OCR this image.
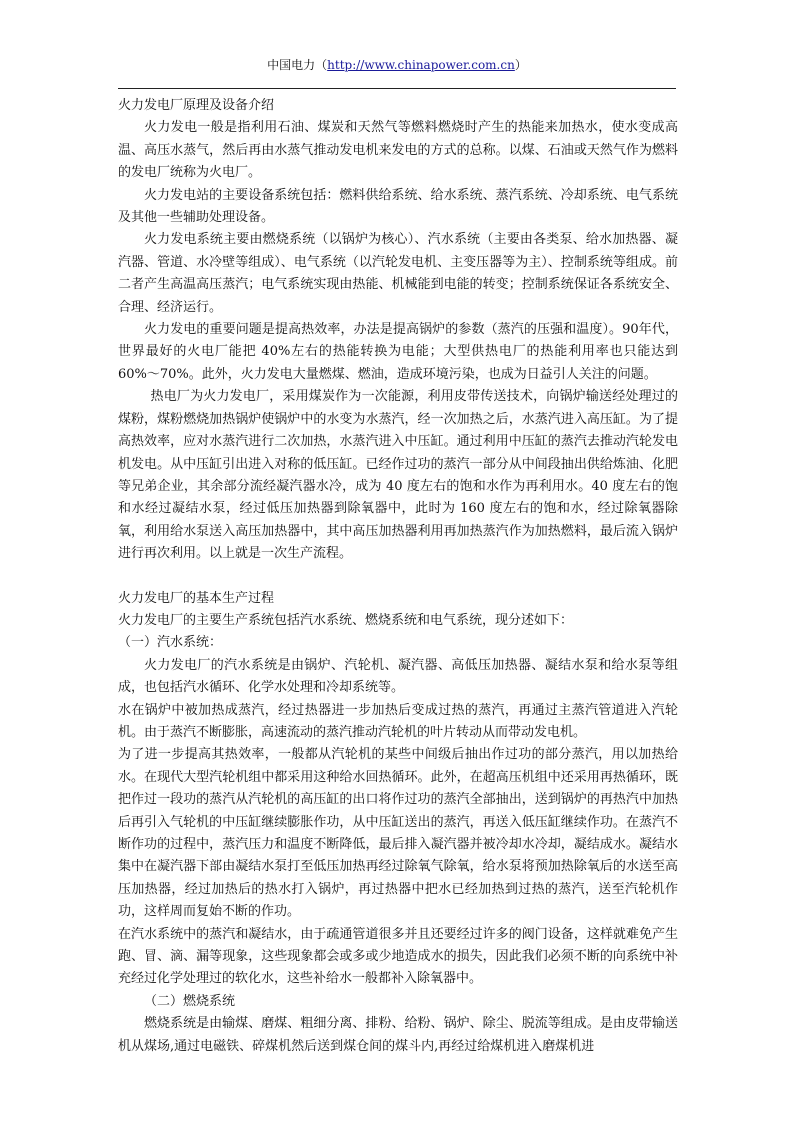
中国电力（http://www.chinapower.com.cn）

火力发电厂原理及设备介绍

火力发电一般是指利用石油、煤炭和天然气等燃料燃烧时产生的热能来加热水，使水变成高温、高压水蒸气，然后再由水蒸气推动发电机来发电的方式的总称。以煤、石油或天然气作为燃料的发电厂统称为火电厂。

火力发电站的主要设备系统包括：燃料供给系统、给水系统、蒸汽系统、冷却系统、电气系统及其他一些辅助处理设备。

火力发电系统主要由燃烧系统（以锅炉为核心）、汽水系统（主要由各类泵、给水加热器、凝汽器、管道、水冷壁等组成）、电气系统（以汽轮发电机、主变压器等为主）、控制系统等组成。前二者产生高温高压蒸汽；电气系统实现由热能、机械能到电能的转变；控制系统保证各系统安全、合理、经济运行。

火力发电的重要问题是提高热效率，办法是提高锅炉的参数（蒸汽的压强和温度）。90年代，世界最好的火电厂能把 40%左右的热能转换为电能；大型供热电厂的热能利用率也只能达到 60%～70%。此外，火力发电大量燃煤、燃油，造成环境污染，也成为日益引人关注的问题。

热电厂为火力发电厂，采用煤炭作为一次能源，利用皮带传送技术，向锅炉输送经处理过的煤粉，煤粉燃烧加热锅炉使锅炉中的水变为水蒸汽，经一次加热之后，水蒸汽进入高压缸。为了提高热效率，应对水蒸汽进行二次加热，水蒸汽进入中压缸。通过利用中压缸的蒸汽去推动汽轮发电机发电。从中压缸引出进入对称的低压缸。已经作过功的蒸汽一部分从中间段抽出供给炼油、化肥等兄弟企业，其余部分流经凝汽器水冷，成为 40 度左右的饱和水作为再利用水。40 度左右的饱和水经过凝结水泵，经过低压加热器到除氧器中，此时为 160 度左右的饱和水，经过除氧器除氧，利用给水泵送入高压加热器中，其中高压加热器利用再加热蒸汽作为加热燃料，最后流入锅炉进行再次利用。以上就是一次生产流程。

火力发电厂的基本生产过程

火力发电厂的主要生产系统包括汽水系统、燃烧系统和电气系统，现分述如下：

（一）汽水系统：

火力发电厂的汽水系统是由锅炉、汽轮机、凝汽器、高低压加热器、凝结水泵和给水泵等组成，也包括汽水循环、化学水处理和冷却系统等。

水在锅炉中被加热成蒸汽，经过热器进一步加热后变成过热的蒸汽，再通过主蒸汽管道进入汽轮机。由于蒸汽不断膨胀，高速流动的蒸汽推动汽轮机的叶片转动从而带动发电机。

为了进一步提高其热效率，一般都从汽轮机的某些中间级后抽出作过功的部分蒸汽，用以加热给水。在现代大型汽轮机组中都采用这种给水回热循环。此外，在超高压机组中还采用再热循环，既把作过一段功的蒸汽从汽轮机的高压缸的出口将作过功的蒸汽全部抽出，送到锅炉的再热汽中加热后再引入气轮机的中压缸继续膨胀作功，从中压缸送出的蒸汽，再送入低压缸继续作功。在蒸汽不断作功的过程中，蒸汽压力和温度不断降低，最后排入凝汽器并被冷却水冷却，凝结成水。凝结水集中在凝汽器下部由凝结水泵打至低压加热再经过除氧气除氧，给水泵将预加热除氧后的水送至高压加热器，经过加热后的热水打入锅炉，再过热器中把水已经加热到过热的蒸汽，送至汽轮机作功，这样周而复始不断的作功。

在汽水系统中的蒸汽和凝结水，由于疏通管道很多并且还要经过许多的阀门设备，这样就难免产生跑、冒、滴、漏等现象，这些现象都会或多或少地造成水的损失，因此我们必须不断的向系统中补充经过化学处理过的软化水，这些补给水一般都补入除氧器中。

（二）燃烧系统

燃烧系统是由输煤、磨煤、粗细分离、排粉、给粉、锅炉、除尘、脱流等组成。是由皮带输送机从煤场,通过电磁铁、碎煤机然后送到煤仓间的煤斗内,再经过给煤机进入磨煤机进
